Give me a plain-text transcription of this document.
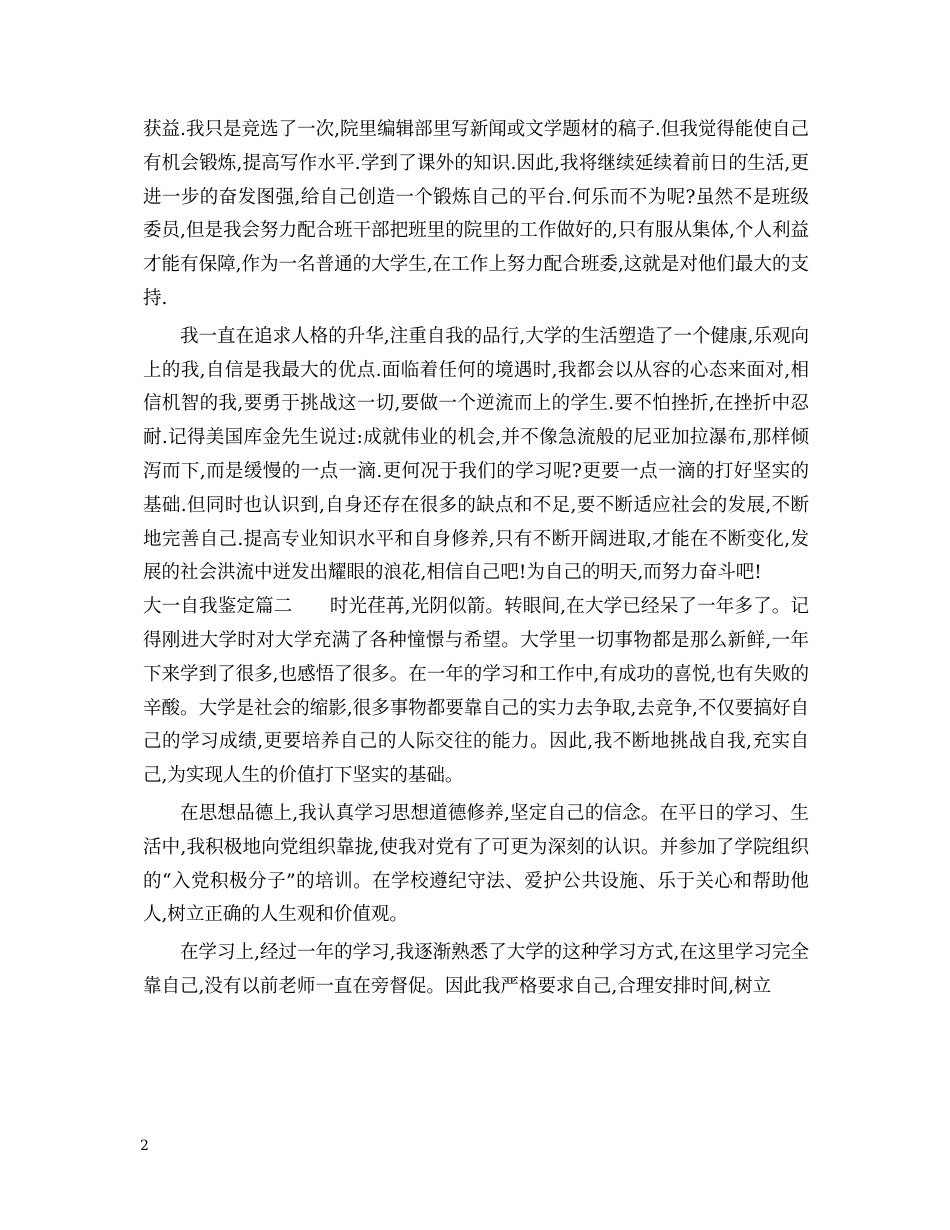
获益.我只是竞选了一次,院里编辑部里写新闻或文学题材的稿子.但我觉得能使自己有机会锻炼,提高写作水平.学到了课外的知识.因此,我将继续延续着前日的生活,更进一步的奋发图强,给自己创造一个锻炼自己的平台.何乐而不为呢?虽然不是班级委员,但是我会努力配合班干部把班里的院里的工作做好的,只有服从集体,个人利益才能有保障,作为一名普通的大学生,在工作上努力配合班委,这就是对他们最大的支持.

我一直在追求人格的升华,注重自我的品行,大学的生活塑造了一个健康,乐观向上的我,自信是我最大的优点.面临着任何的境遇时,我都会以从容的心态来面对,相信机智的我,要勇于挑战这一切,要做一个逆流而上的学生.要不怕挫折,在挫折中忍耐.记得美国库金先生说过:成就伟业的机会,并不像急流般的尼亚加拉瀑布,那样倾泻而下,而是缓慢的一点一滴.更何况于我们的学习呢?更要一点一滴的打好坚实的基础.但同时也认识到,自身还存在很多的缺点和不足,要不断适应社会的发展,不断地完善自己.提高专业知识水平和自身修养,只有不断开阔进取,才能在不断变化,发展的社会洪流中迸发出耀眼的浪花,相信自己吧!为自己的明天,而努力奋斗吧!

大一自我鉴定篇二　　时光荏苒,光阴似箭。转眼间,在大学已经呆了一年多了。记得刚进大学时对大学充满了各种憧憬与希望。大学里一切事物都是那么新鲜,一年下来学到了很多,也感悟了很多。在一年的学习和工作中,有成功的喜悦,也有失败的辛酸。大学是社会的缩影,很多事物都要靠自己的实力去争取,去竞争,不仅要搞好自己的学习成绩,更要培养自己的人际交往的能力。因此,我不断地挑战自我,充实自己,为实现人生的价值打下坚实的基础。

在思想品德上,我认真学习思想道德修养,坚定自己的信念。在平日的学习、生活中,我积极地向党组织靠拢,使我对党有了可更为深刻的认识。并参加了学院组织的“入党积极分子”的培训。在学校遵纪守法、爱护公共设施、乐于关心和帮助他人,树立正确的人生观和价值观。

在学习上,经过一年的学习,我逐渐熟悉了大学的这种学习方式,在这里学习完全靠自己,没有以前老师一直在旁督促。因此我严格要求自己,合理安排时间,树立

2
